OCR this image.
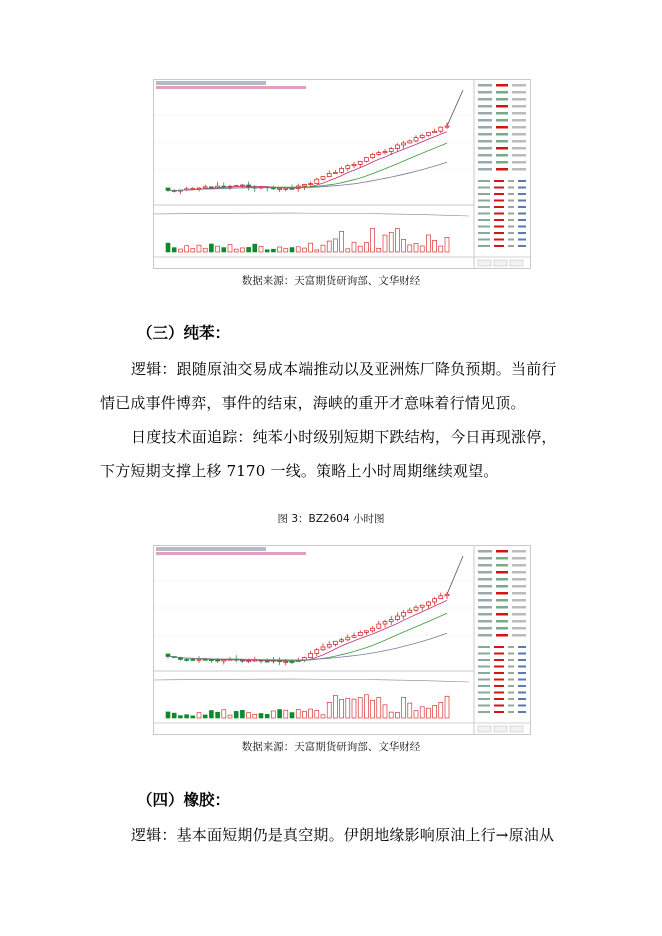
数据来源：天富期货研询部、文华财经
（三）纯苯：
逻辑：跟随原油交易成本端推动以及亚洲炼厂降负预期。当前行
情已成事件博弈，事件的结束，海峡的重开才意味着行情见顶。
日度技术面追踪：纯苯小时级别短期下跌结构，今日再现涨停，
下方短期支撑上移 7170 一线。策略上小时周期继续观望。
图 3：BZ2604 小时图
数据来源：天富期货研询部、文华财经
（四）橡胶：
逻辑：基本面短期仍是真空期。伊朗地缘影响原油上行→原油从
